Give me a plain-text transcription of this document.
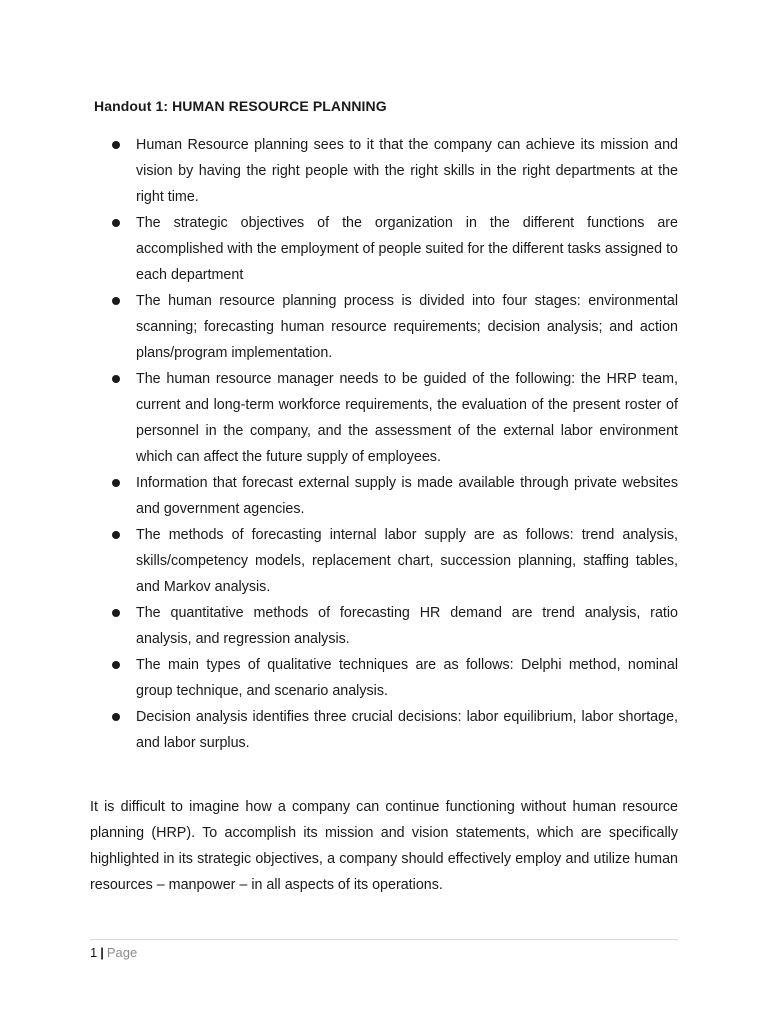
Handout 1: HUMAN RESOURCE PLANNING
Human Resource planning sees to it that the company can achieve its mission and vision by having the right people with the right skills in the right departments at the right time.
The strategic objectives of the organization in the different functions are accomplished with the employment of people suited for the different tasks assigned to each department
The human resource planning process is divided into four stages: environmental scanning; forecasting human resource requirements; decision analysis; and action plans/program implementation.
The human resource manager needs to be guided of the following: the HRP team, current and long-term workforce requirements, the evaluation of the present roster of personnel in the company, and the assessment of the external labor environment which can affect the future supply of employees.
Information that forecast external supply is made available through private websites and government agencies.
The methods of forecasting internal labor supply are as follows: trend analysis, skills/competency models, replacement chart, succession planning, staffing tables, and Markov analysis.
The quantitative methods of forecasting HR demand are trend analysis, ratio analysis, and regression analysis.
The main types of qualitative techniques are as follows: Delphi method, nominal group technique, and scenario analysis.
Decision analysis identifies three crucial decisions: labor equilibrium, labor shortage, and labor surplus.

It is difficult to imagine how a company can continue functioning without human resource planning (HRP). To accomplish its mission and vision statements, which are specifically highlighted in its strategic objectives, a company should effectively employ and utilize human resources – manpower – in all aspects of its operations.

1 | Page
